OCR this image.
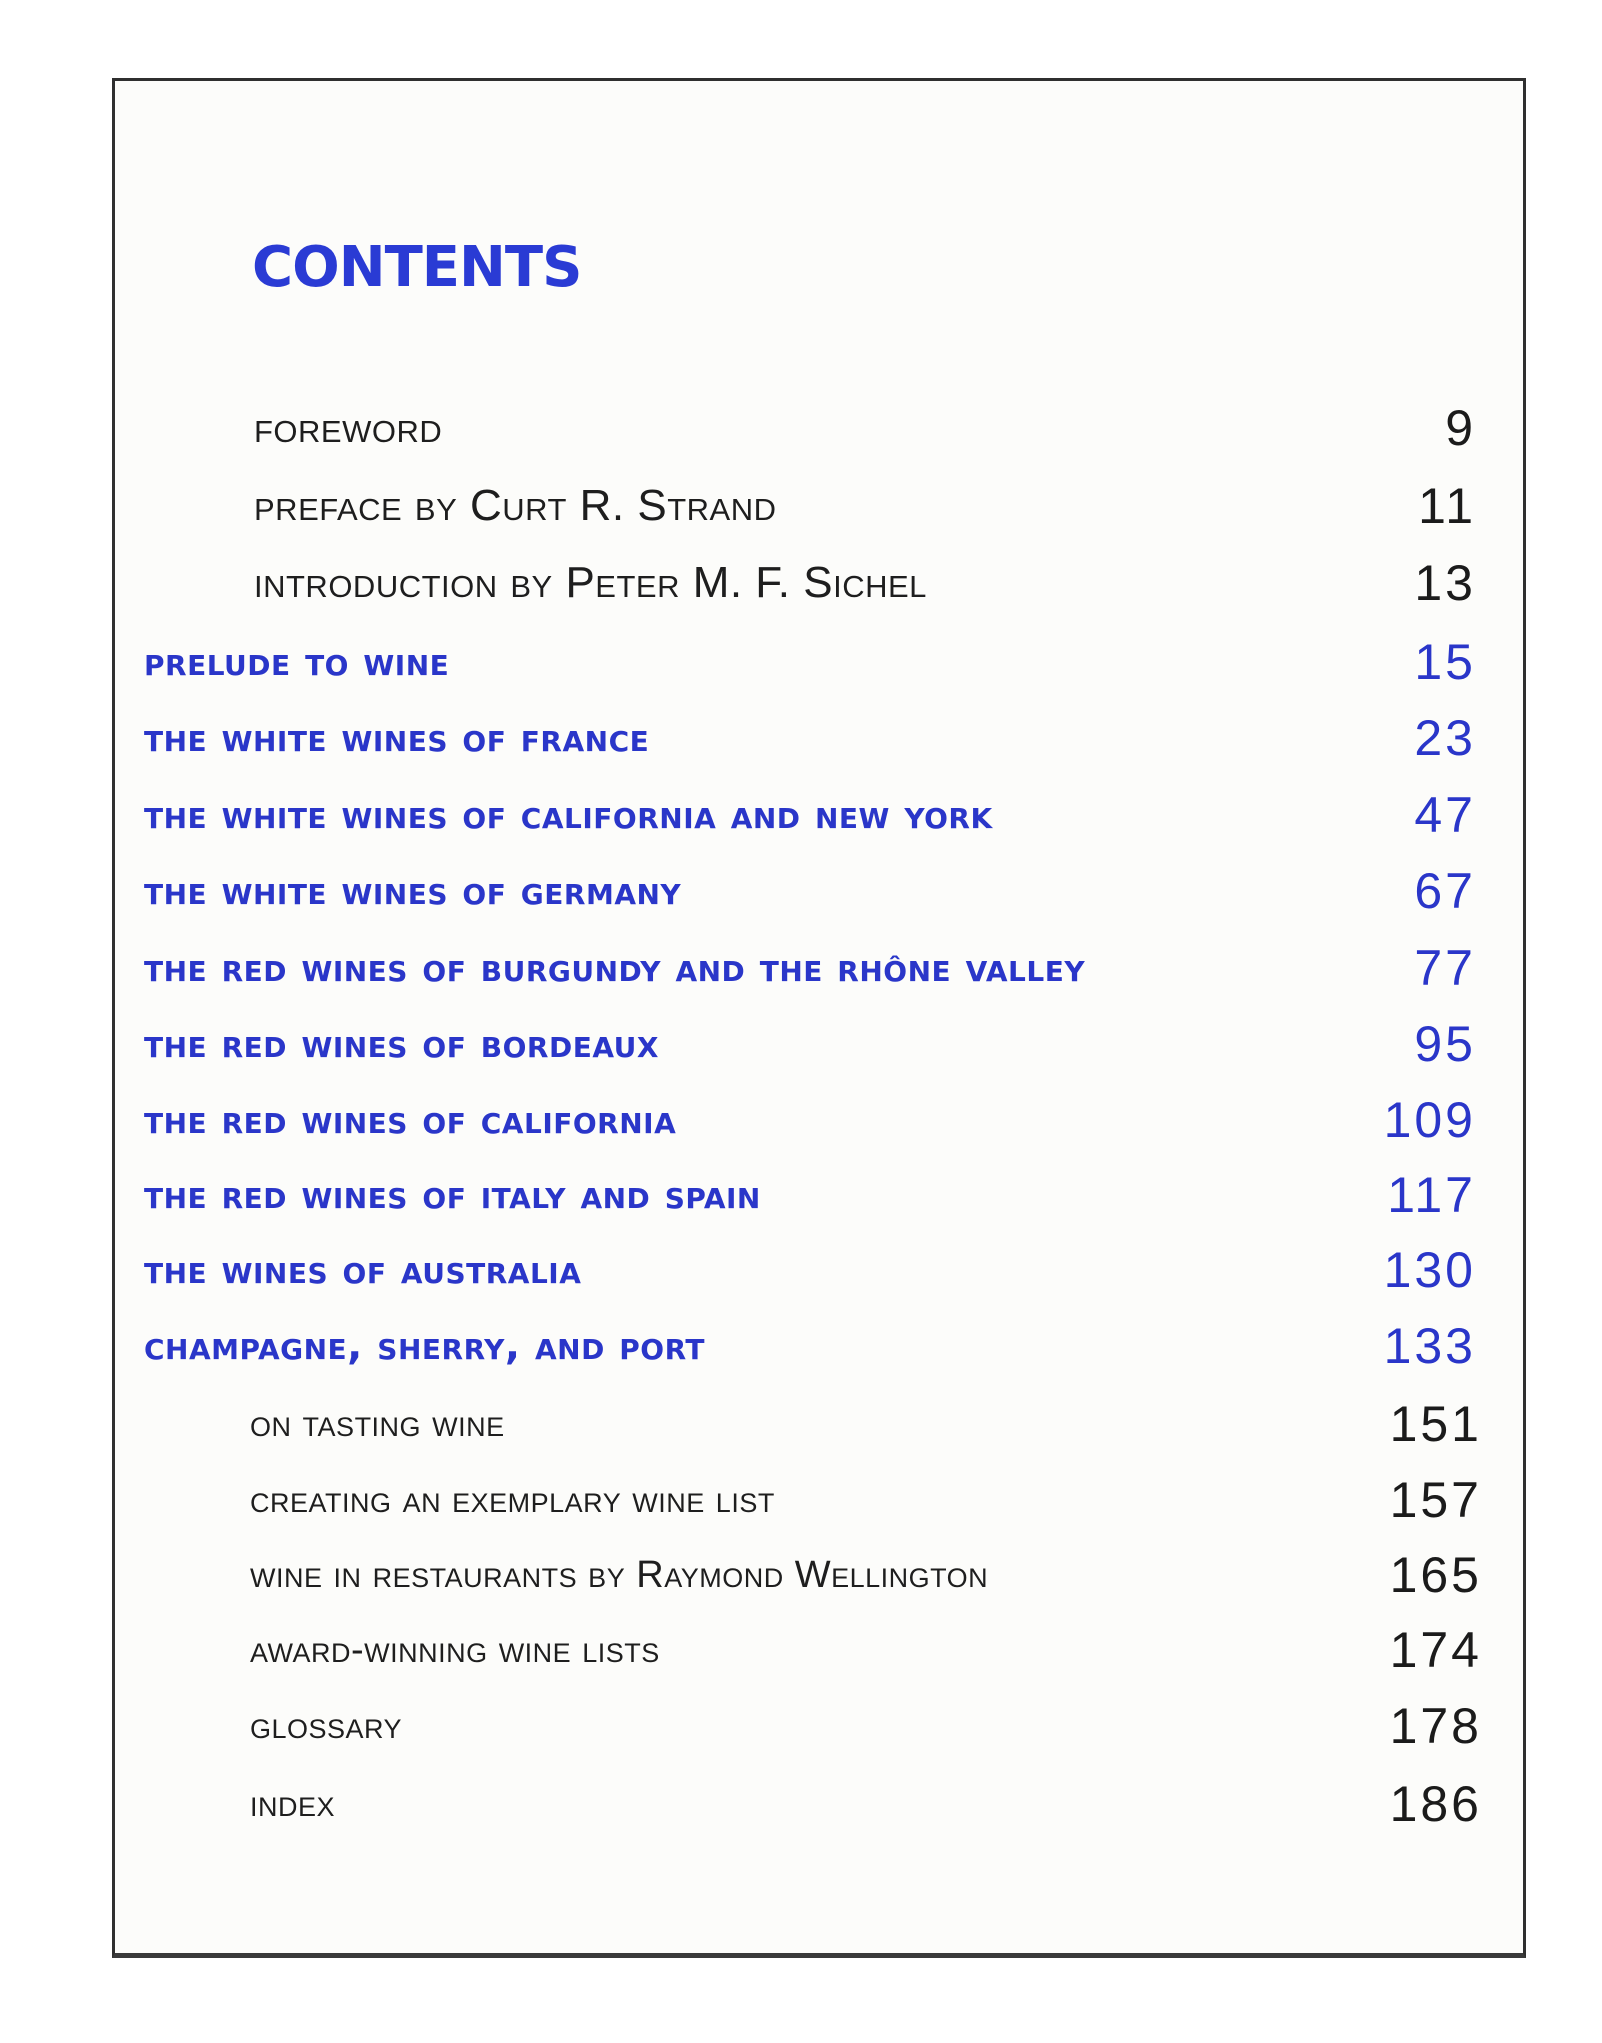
CONTENTS
foreword	9
preface by Curt R. Strand	11
introduction by Peter M. F. Sichel	13
prelude to wine	15
the white wines of france	23
the white wines of california and new york	47
the white wines of germany	67
the red wines of burgundy and the rhône valley	77
the red wines of bordeaux	95
the red wines of california	109
the red wines of italy and spain	117
the wines of australia	130
champagne, sherry, and port	133
on tasting wine	151
creating an exemplary wine list	157
wine in restaurants by Raymond Wellington	165
award-winning wine lists	174
glossary	178
index	186
